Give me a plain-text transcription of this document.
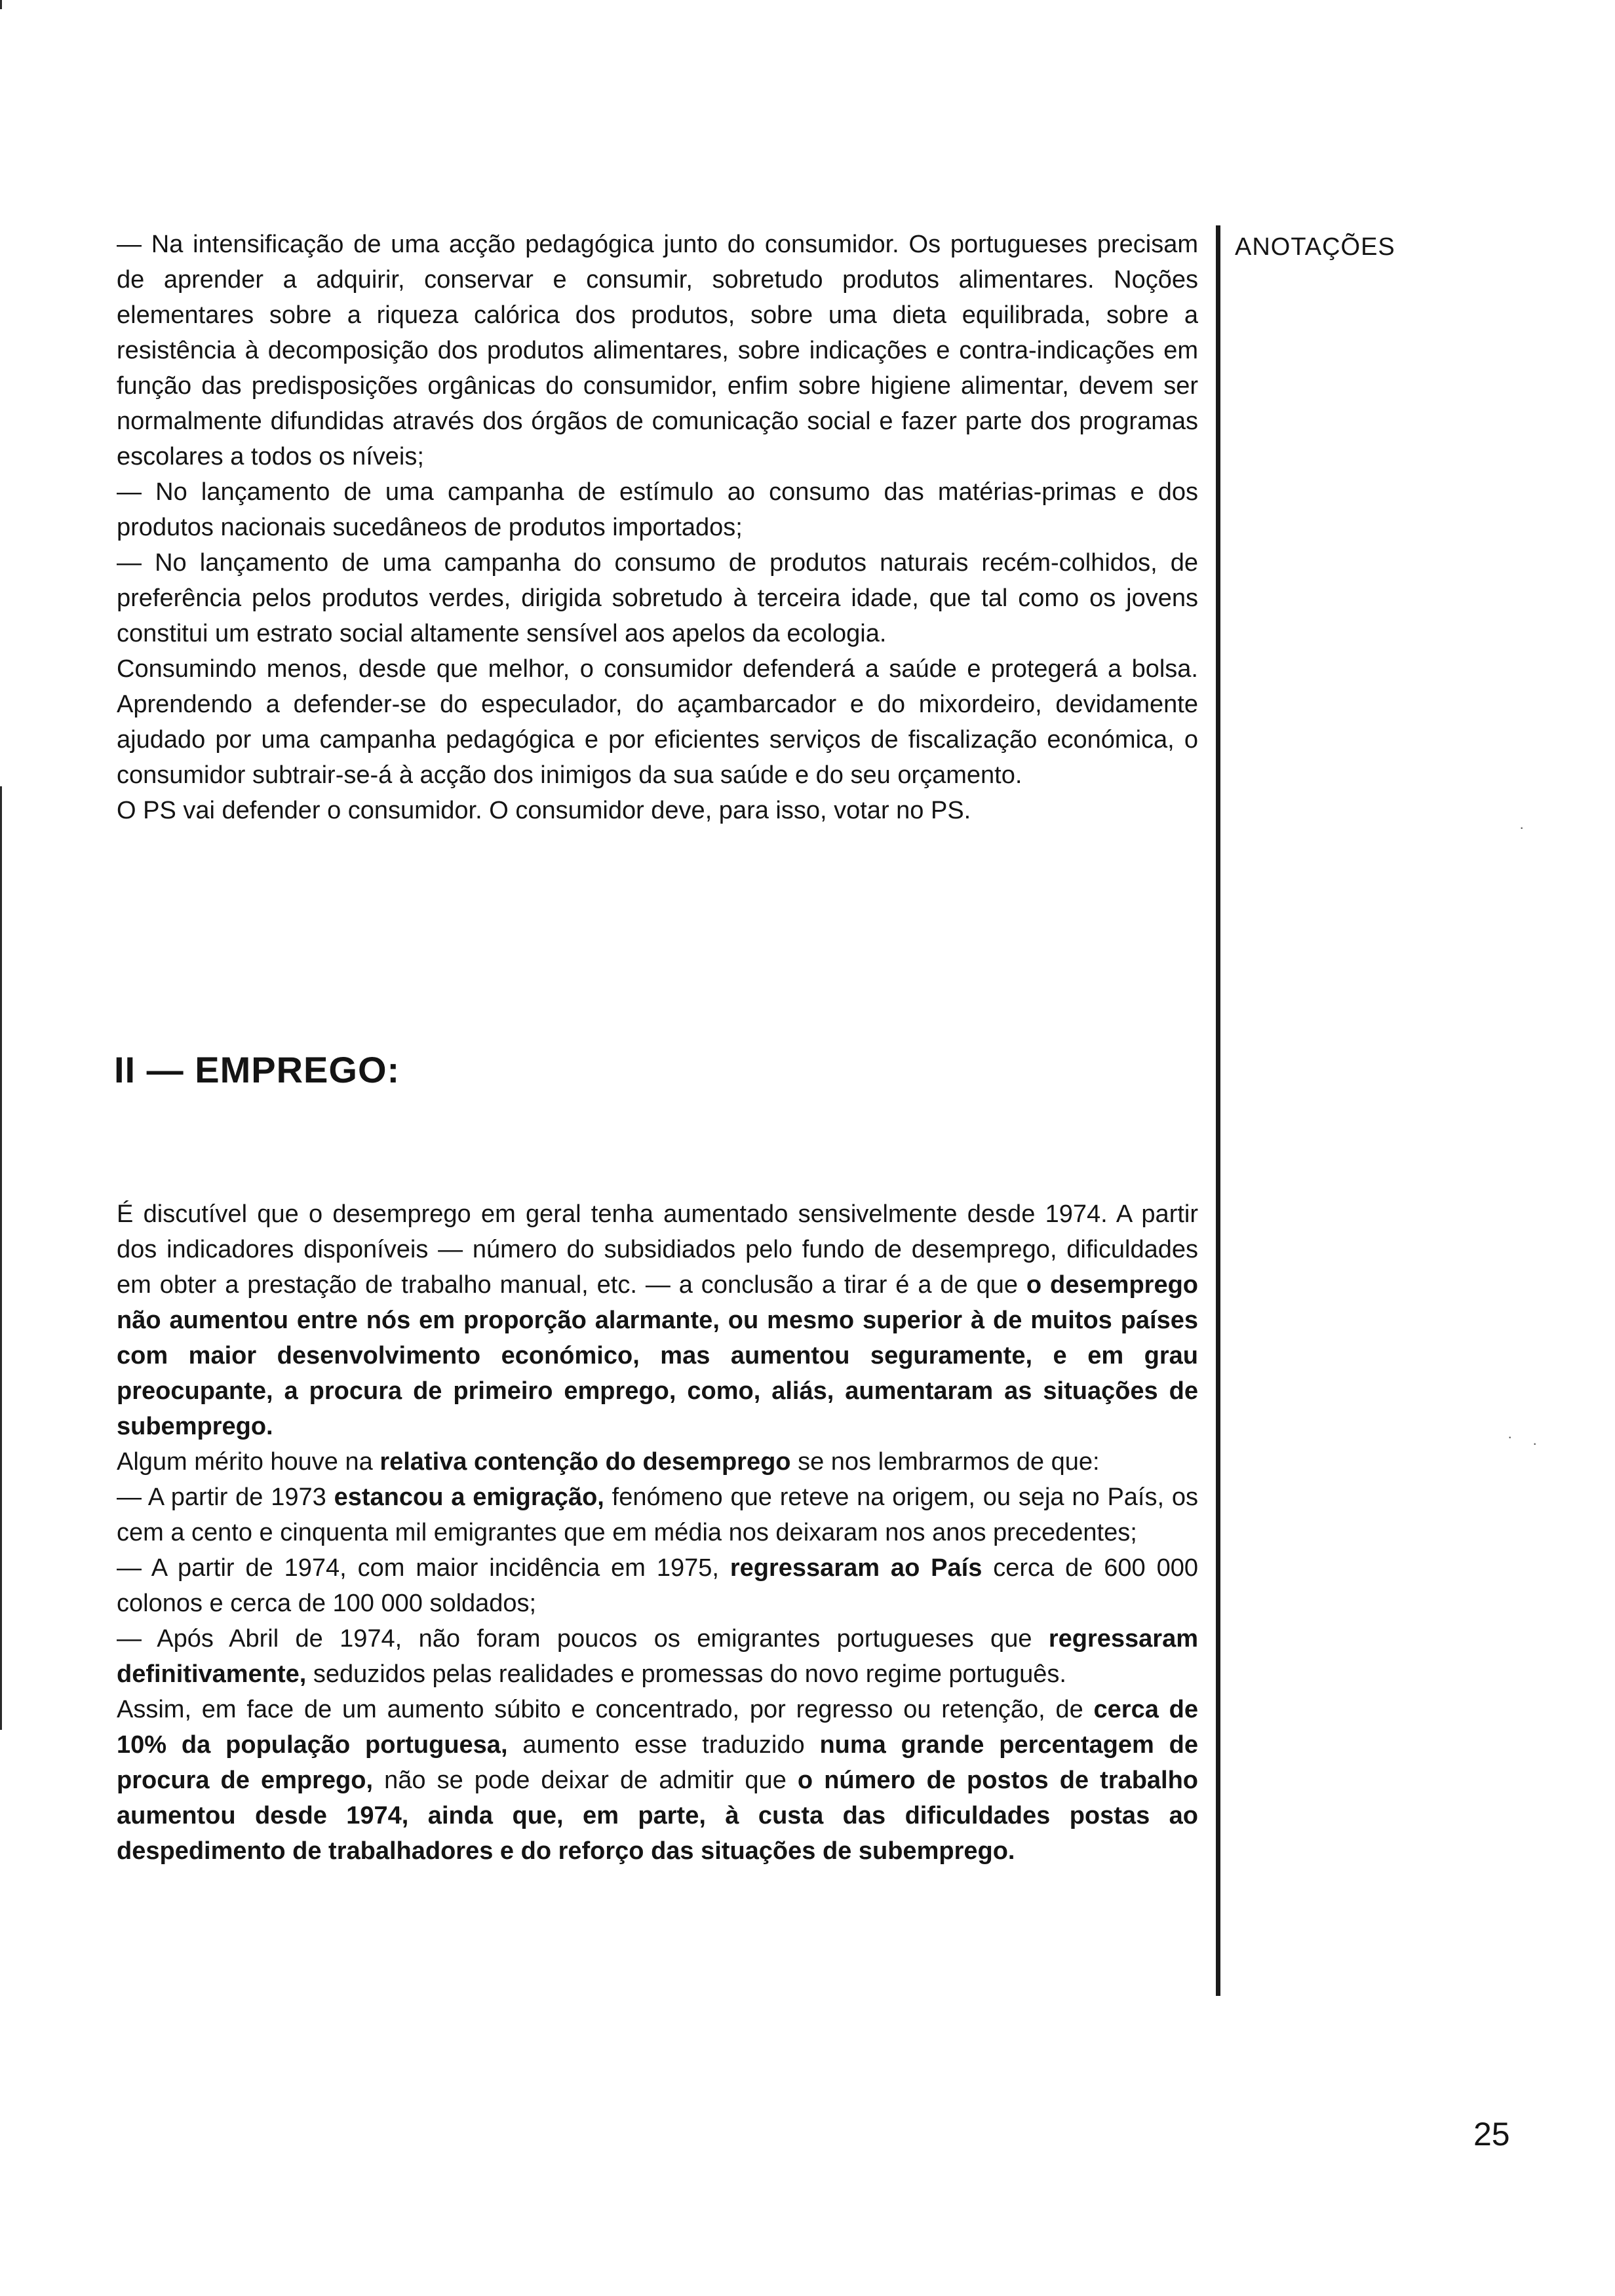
— Na intensificação de uma acção pedagógica junto do consumidor. Os portugueses precisam de aprender a adquirir, conservar e consumir, sobretudo produtos alimentares. Noções elementares sobre a riqueza calórica dos produtos, sobre uma dieta equilibrada, sobre a resistência à decomposição dos produtos alimentares, sobre indicações e contra-indicações em função das predisposições orgânicas do consumidor, enfim sobre higiene alimentar, devem ser normalmente difundidas através dos órgãos de comunicação social e fazer parte dos programas escolares a todos os níveis;

— No lançamento de uma campanha de estímulo ao consumo das matérias-primas e dos produtos nacionais sucedâneos de produtos importados;

— No lançamento de uma campanha do consumo de produtos naturais recém-colhidos, de preferência pelos produtos verdes, dirigida sobretudo à terceira idade, que tal como os jovens constitui um estrato social altamente sensível aos apelos da ecologia.

Consumindo menos, desde que melhor, o consumidor defenderá a saúde e protegerá a bolsa. Aprendendo a defender-se do especulador, do açambarcador e do mixordeiro, devidamente ajudado por uma campanha pedagógica e por eficientes serviços de fiscalização económica, o consumidor subtrair-se-á à acção dos inimigos da sua saúde e do seu orçamento.

O PS vai defender o consumidor. O consumidor deve, para isso, votar no PS.

II — EMPREGO:

É discutível que o desemprego em geral tenha aumentado sensivelmente desde 1974. A partir dos indicadores disponíveis — número do subsidiados pelo fundo de desemprego, dificuldades em obter a prestação de trabalho manual, etc. — a conclusão a tirar é a de que o desemprego não aumentou entre nós em proporção alarmante, ou mesmo superior à de muitos países com maior desenvolvimento económico, mas aumentou seguramente, e em grau preocupante, a procura de primeiro emprego, como, aliás, aumentaram as situações de subemprego.

Algum mérito houve na relativa contenção do desemprego se nos lembrarmos de que:

— A partir de 1973 estancou a emigração, fenómeno que reteve na origem, ou seja no País, os cem a cento e cinquenta mil emigrantes que em média nos deixaram nos anos precedentes;

— A partir de 1974, com maior incidência em 1975, regressaram ao País cerca de 600 000 colonos e cerca de 100 000 soldados;

— Após Abril de 1974, não foram poucos os emigrantes portugueses que regressaram definitivamente, seduzidos pelas realidades e promessas do novo regime português.

Assim, em face de um aumento súbito e concentrado, por regresso ou retenção, de cerca de 10% da população portuguesa, aumento esse traduzido numa grande percentagem de procura de emprego, não se pode deixar de admitir que o número de postos de trabalho aumentou desde 1974, ainda que, em parte, à custa das dificuldades postas ao despedimento de trabalhadores e do reforço das situações de subemprego.

ANOTAÇÕES
·
· ·
25
